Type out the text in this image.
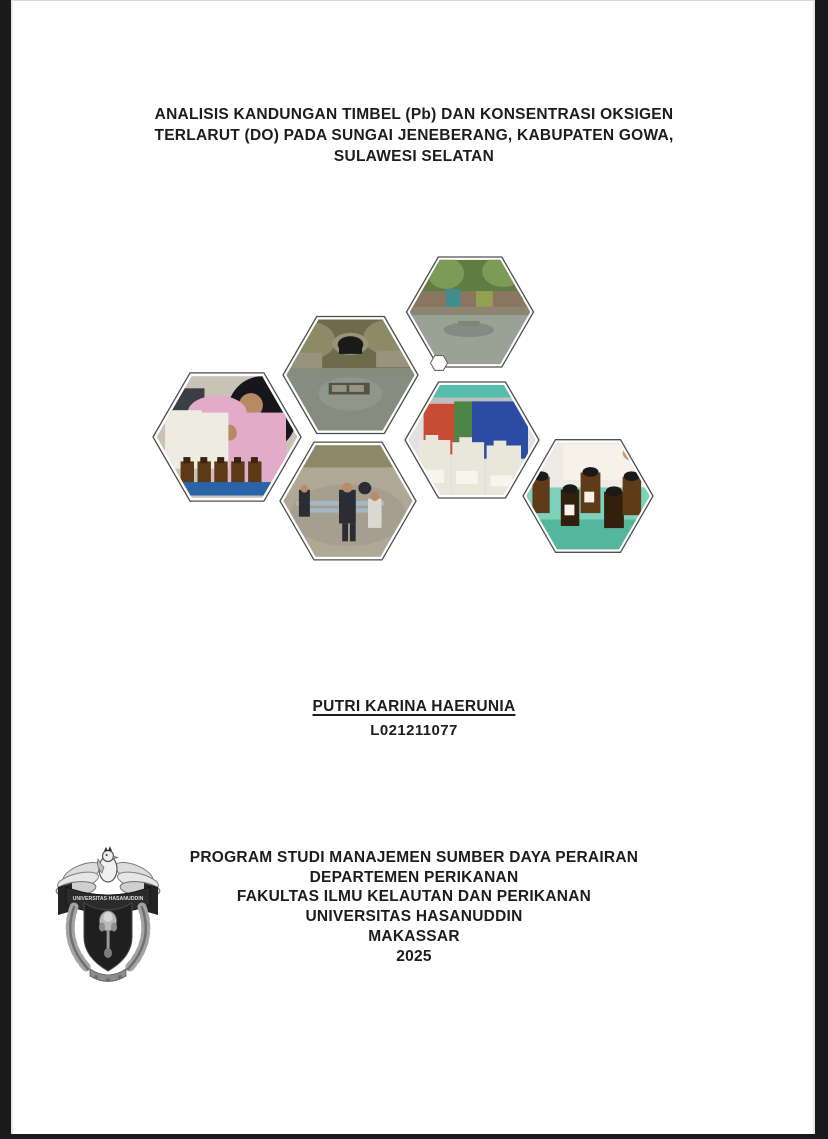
ANALISIS KANDUNGAN TIMBEL (Pb) DAN KONSENTRASI OKSIGEN
TERLARUT (DO) PADA SUNGAI JENEBERANG, KABUPATEN GOWA,
SULAWESI SELATAN
PUTRI KARINA HAERUNIA
L021211077
UNIVERSITAS HASANUDDIN
PROGRAM STUDI MANAJEMEN SUMBER DAYA PERAIRAN
DEPARTEMEN PERIKANAN
FAKULTAS ILMU KELAUTAN DAN PERIKANAN
UNIVERSITAS HASANUDDIN
MAKASSAR
2025
